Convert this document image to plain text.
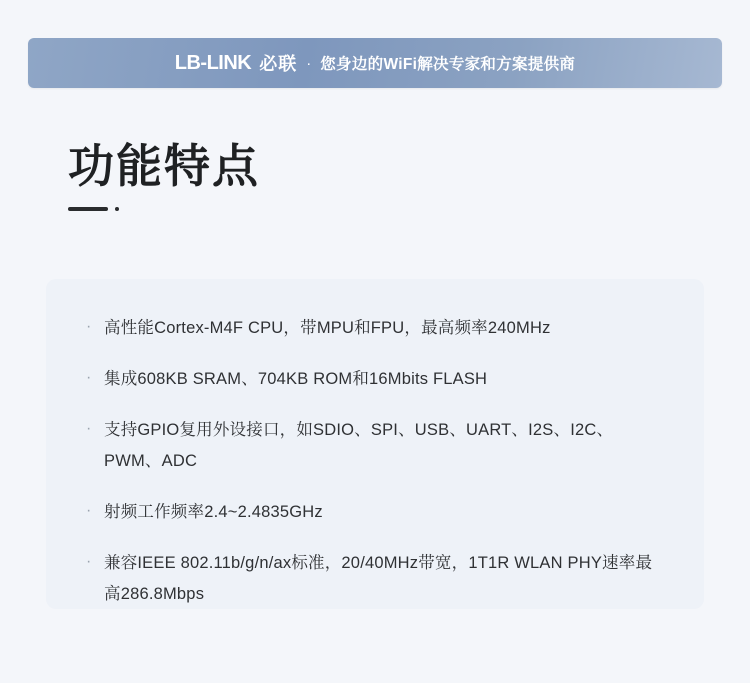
LB-LINK 必联 · 您身边的WiFi解决专家和方案提供商
功能特点
· 高性能Cortex-M4F CPU，带MPU和FPU，最高频率240MHz
· 集成608KB SRAM、704KB ROM和16Mbits FLASH
· 支持GPIO复用外设接口，如SDIO、SPI、USB、UART、I2S、I2C、PWM、ADC
· 射频工作频率2.4~2.4835GHz
· 兼容IEEE 802.11b/g/n/ax标准，20/40MHz带宽，1T1R WLAN PHY速率最高286.8Mbps
